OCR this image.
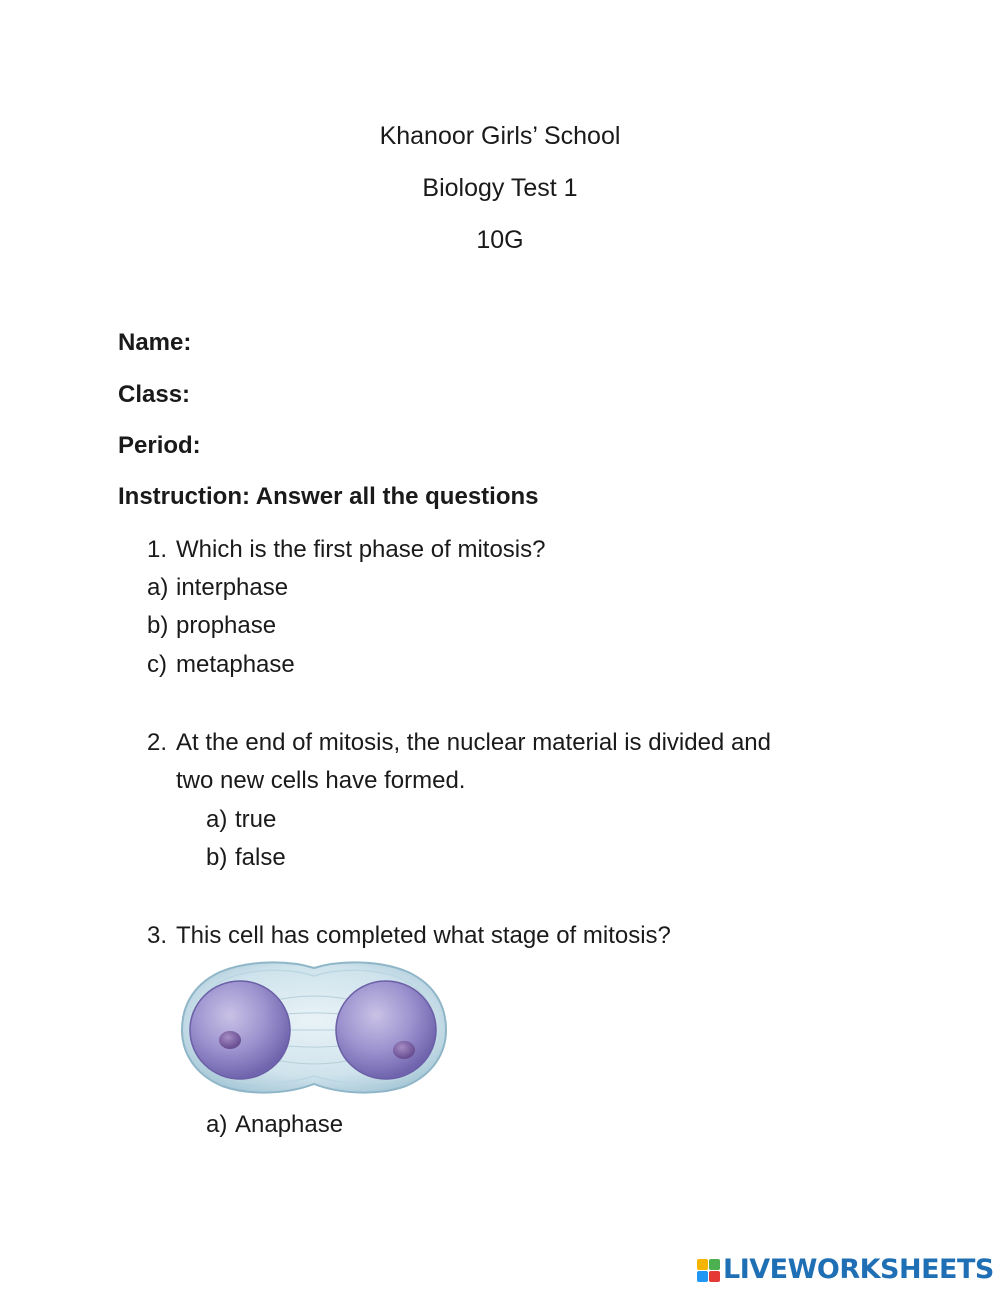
Khanoor Girls’ School
Biology Test 1
10G
Name:
Class:
Period:
Instruction: Answer all the questions
1. Which is the first phase of mitosis?
a) interphase
b) prophase
c) metaphase
2. At the end of mitosis, the nuclear material is divided and
two new cells have formed.
a) true
b) false
3. This cell has completed what stage of mitosis?
a) Anaphase
LIVEWORKSHEETS
